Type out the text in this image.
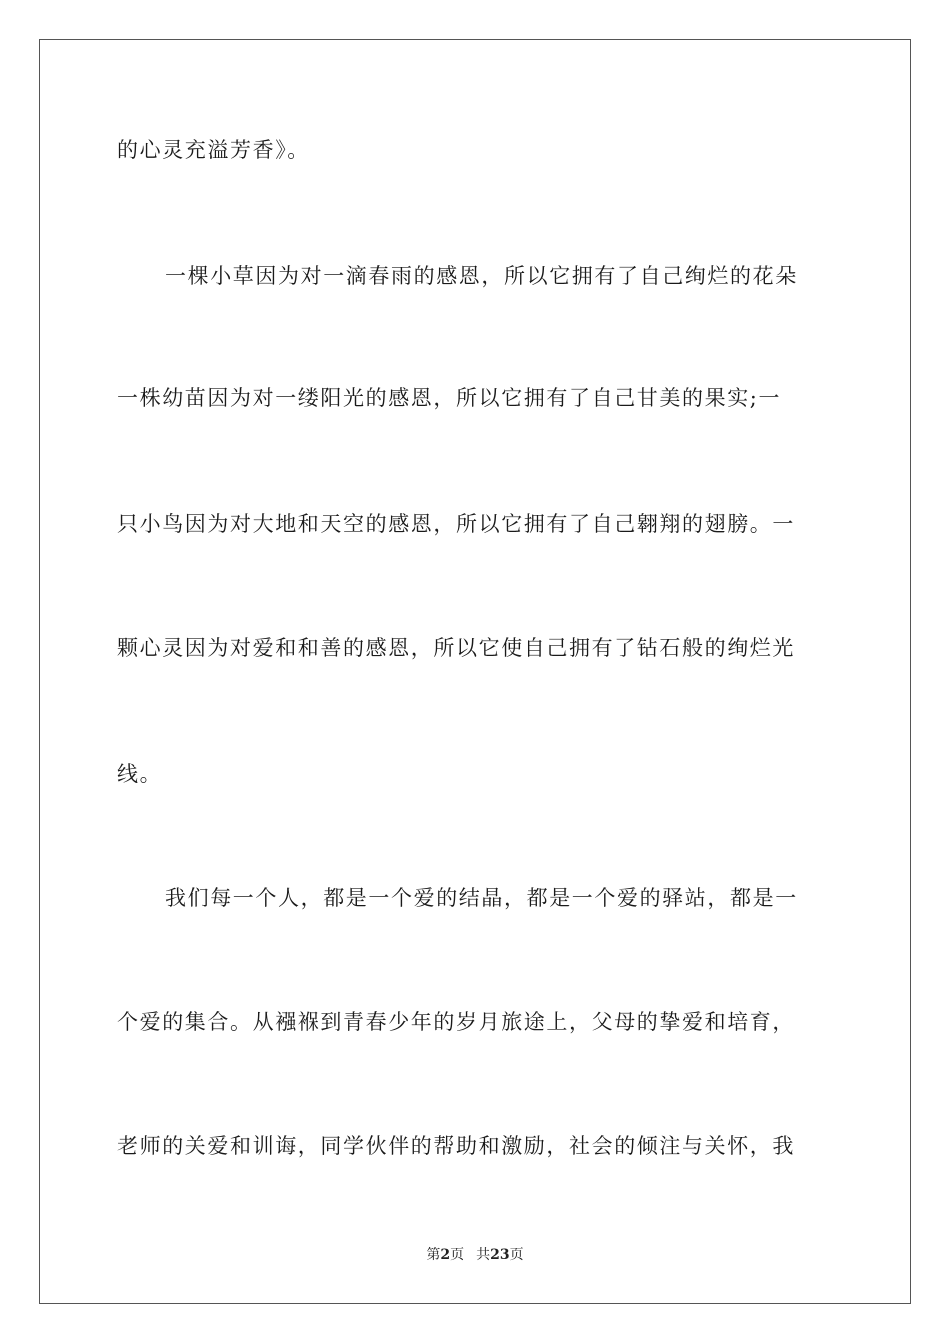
的心灵充溢芳香》。
一棵小草因为对一滴春雨的感恩，所以它拥有了自己绚烂的花朵
一株幼苗因为对一缕阳光的感恩，所以它拥有了自己甘美的果实;一
只小鸟因为对大地和天空的感恩，所以它拥有了自己翱翔的翅膀。一
颗心灵因为对爱和和善的感恩，所以它使自己拥有了钻石般的绚烂光
线。
我们每一个人，都是一个爱的结晶，都是一个爱的驿站，都是一
个爱的集合。从襁褓到青春少年的岁月旅途上，父母的挚爱和培育，
老师的关爱和训诲，同学伙伴的帮助和激励，社会的倾注与关怀，我
第2页 共23页
